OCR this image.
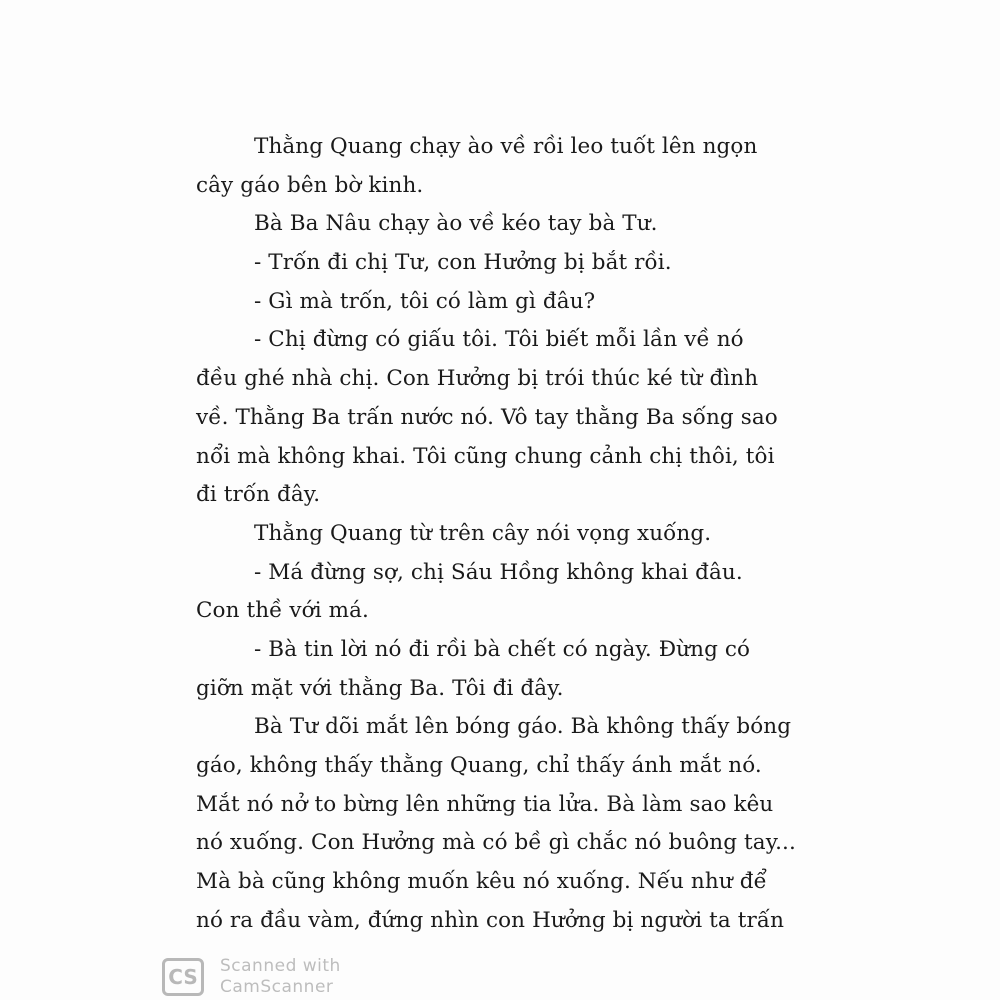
Thằng Quang chạy ào về rồi leo tuốt lên ngọn
cây gáo bên bờ kinh.
Bà Ba Nâu chạy ào về kéo tay bà Tư.
- Trốn đi chị Tư, con Hưởng bị bắt rồi.
- Gì mà trốn, tôi có làm gì đâu?
- Chị đừng có giấu tôi. Tôi biết mỗi lần về nó
đều ghé nhà chị. Con Hưởng bị trói thúc ké từ đình
về. Thằng Ba trấn nước nó. Vô tay thằng Ba sống sao
nổi mà không khai. Tôi cũng chung cảnh chị thôi, tôi
đi trốn đây.
Thằng Quang từ trên cây nói vọng xuống.
- Má đừng sợ, chị Sáu Hồng không khai đâu.
Con thề với má.
- Bà tin lời nó đi rồi bà chết có ngày. Đừng có
giỡn mặt với thằng Ba. Tôi đi đây.
Bà Tư dõi mắt lên bóng gáo. Bà không thấy bóng
gáo, không thấy thằng Quang, chỉ thấy ánh mắt nó.
Mắt nó nở to bừng lên những tia lửa. Bà làm sao kêu
nó xuống. Con Hưởng mà có bề gì chắc nó buông tay...
Mà bà cũng không muốn kêu nó xuống. Nếu như để
nó ra đầu vàm, đứng nhìn con Hưởng bị người ta trấn
CS	Scanned with
CamScanner
